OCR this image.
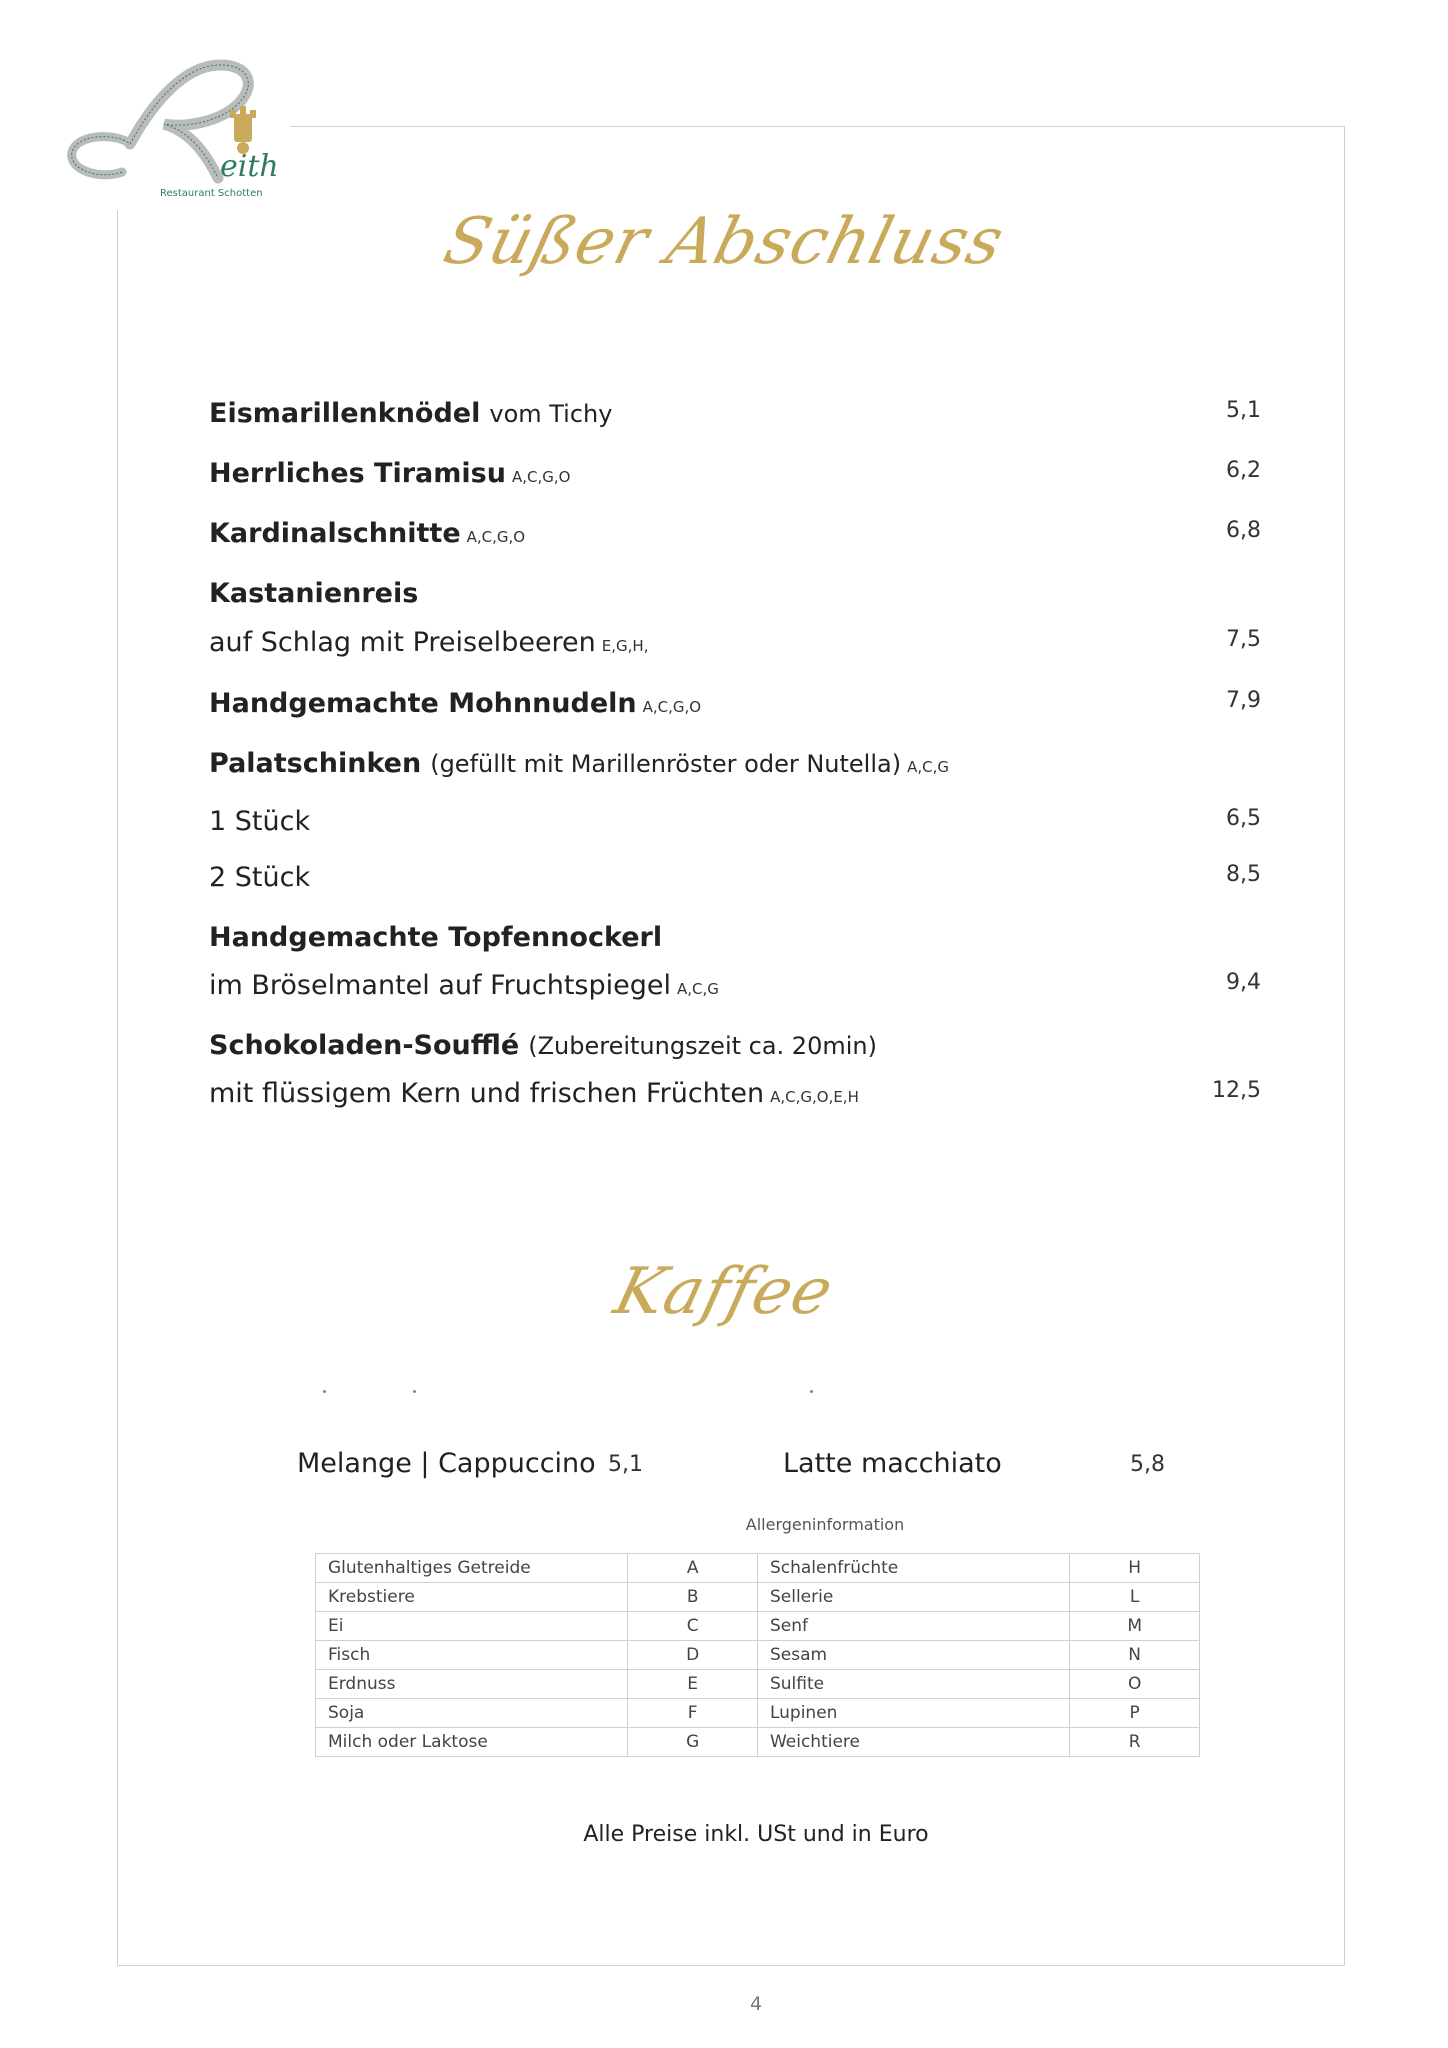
eith
Restaurant Schotten
Süßer Abschluss
Eismarillenknödel vom Tichy	5,1
Herrliches Tiramisu A,C,G,O	6,2
Kardinalschnitte A,C,G,O	6,8
Kastanienreis
auf Schlag mit Preiselbeeren E,G,H,	7,5
Handgemachte Mohnnudeln A,C,G,O	7,9
Palatschinken (gefüllt mit Marillenröster oder Nutella) A,C,G
1 Stück	6,5
2 Stück	8,5
Handgemachte Topfennockerl
im Bröselmantel auf Fruchtspiegel A,C,G	9,4
Schokoladen-Soufflé (Zubereitungszeit ca. 20min)
mit flüssigem Kern und frischen Früchten A,C,G,O,E,H	12,5
Kaffee
Melange | Cappuccino 5,1	Latte macchiato	5,8
Allergeninformation
Glutenhaltiges Getreide	A	Schalenfrüchte	H
Krebstiere	B	Sellerie	L
Ei	C	Senf	M
Fisch	D	Sesam	N
Erdnuss	E	Sulfite	O
Soja	F	Lupinen	P
Milch oder Laktose	G	Weichtiere	R
Alle Preise inkl. USt und in Euro
4
